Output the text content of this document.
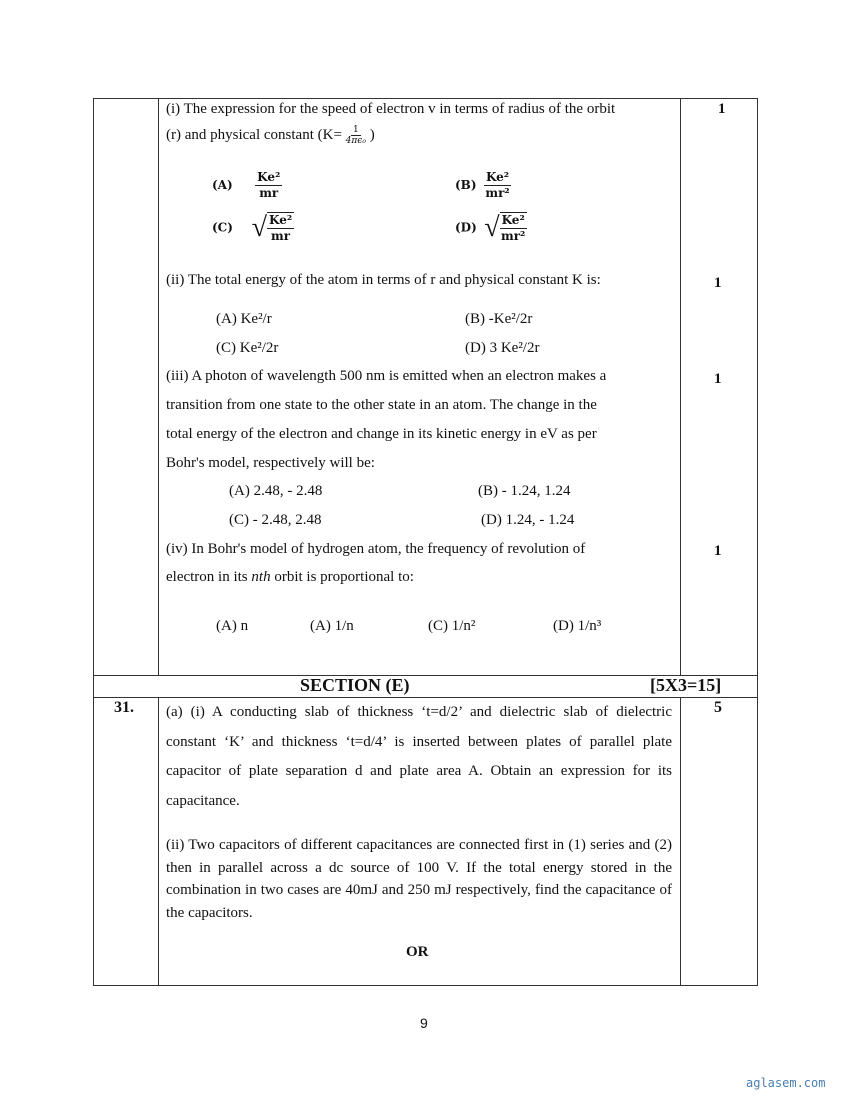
(i) The expression for the speed of electron v in terms of radius of the orbit
(r) and physical constant ($K= \frac{1}{\text{4πϵ₀}}$ )
1
$(A) \frac{\text{Ke²}}{mr}$	$(B) \frac{\text{Ke²}}{\text{mr²}}$
(C) √ $\frac{\text{Ke²}}{mr}$	(D) √ $\frac{\text{Ke²}}{\text{mr²}}$
(ii) The total energy of the atom in terms of r and physical constant K is:	1
(A) Ke²/r	(B) -Ke²/2r
(C) Ke²/2r	(D) 3 Ke²/2r
(iii) A photon of wavelength 500 nm is emitted when an electron makes a
transition from one state to the other state in an atom. The change in the
total energy of the electron and change in its kinetic energy in eV as per
Bohr's model, respectively will be:
1
(A) 2.48, - 2.48	(B) - 1.24, 1.24
(C) - 2.48, 2.48	(D) 1.24, - 1.24
(iv) In Bohr's model of hydrogen atom, the frequency of revolution of
electron in its nth orbit is proportional to:
1
(A) n	(A) 1/n	(C) 1/n²	(D) 1/n³
SECTION (E)	[5X3=15]
31.	5
(a) (i) A conducting slab of thickness ‘t=d/2’ and dielectric slab of dielectric constant ‘K’ and thickness ‘t=d/4’ is inserted between plates of parallel plate capacitor of plate separation d and plate area A. Obtain an expression for its capacitance.
(ii) Two capacitors of different capacitances are connected first in (1) series and (2) then in parallel across a dc source of 100 V. If the total energy stored in the combination in two cases are 40mJ and 250 mJ respectively, find the capacitance of the capacitors.
OR
9
aglasem.com
